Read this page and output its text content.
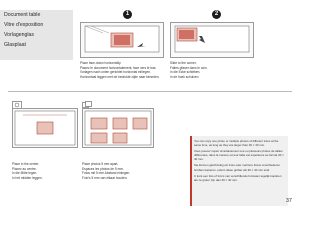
Document table
Vitre d'exposition
Vorlagenglas
Glasplaat
1	2
Place face-down horizontally.
Placez le document horizontalement, face vers le bas.
Vorlagen nach unten gerichtet horizontal einlegen.
Horizontaal leggen met de bedrukte zijde naar beneden.
Slide to the corner.
Faites glisser dans le coin.
In die Ecke schieben.
In de hoek schuiven.
Place in the center.
Placez au centre.
In die Mitte legen.
In het midden leggen.
Place photos 5 mm apart.
Espacez les photos de 5 mm.
Fotos mit 5 mm Abstand einlegen.
Foto's 5 mm van elkaar houden.
You can copy one photo or multiple photos of different sizes at the same time, as long as they are larger than 30 × 40 mm.
Vous pouvez copier simultanément une ou plusieurs photos de tailles différentes, dans la mesure où leur taille est supérieure au format 30 × 40 mm.
Sie können gleichzeitig ein Foto oder mehrere Fotos verschiedener Größen kopieren, sofern diese größer als 30 × 40 mm sind.
U kunt een foto of foto's van verschillende formaten tegelijk kopiëren als ze groter zijn dan 30 × 40 mm.
37
